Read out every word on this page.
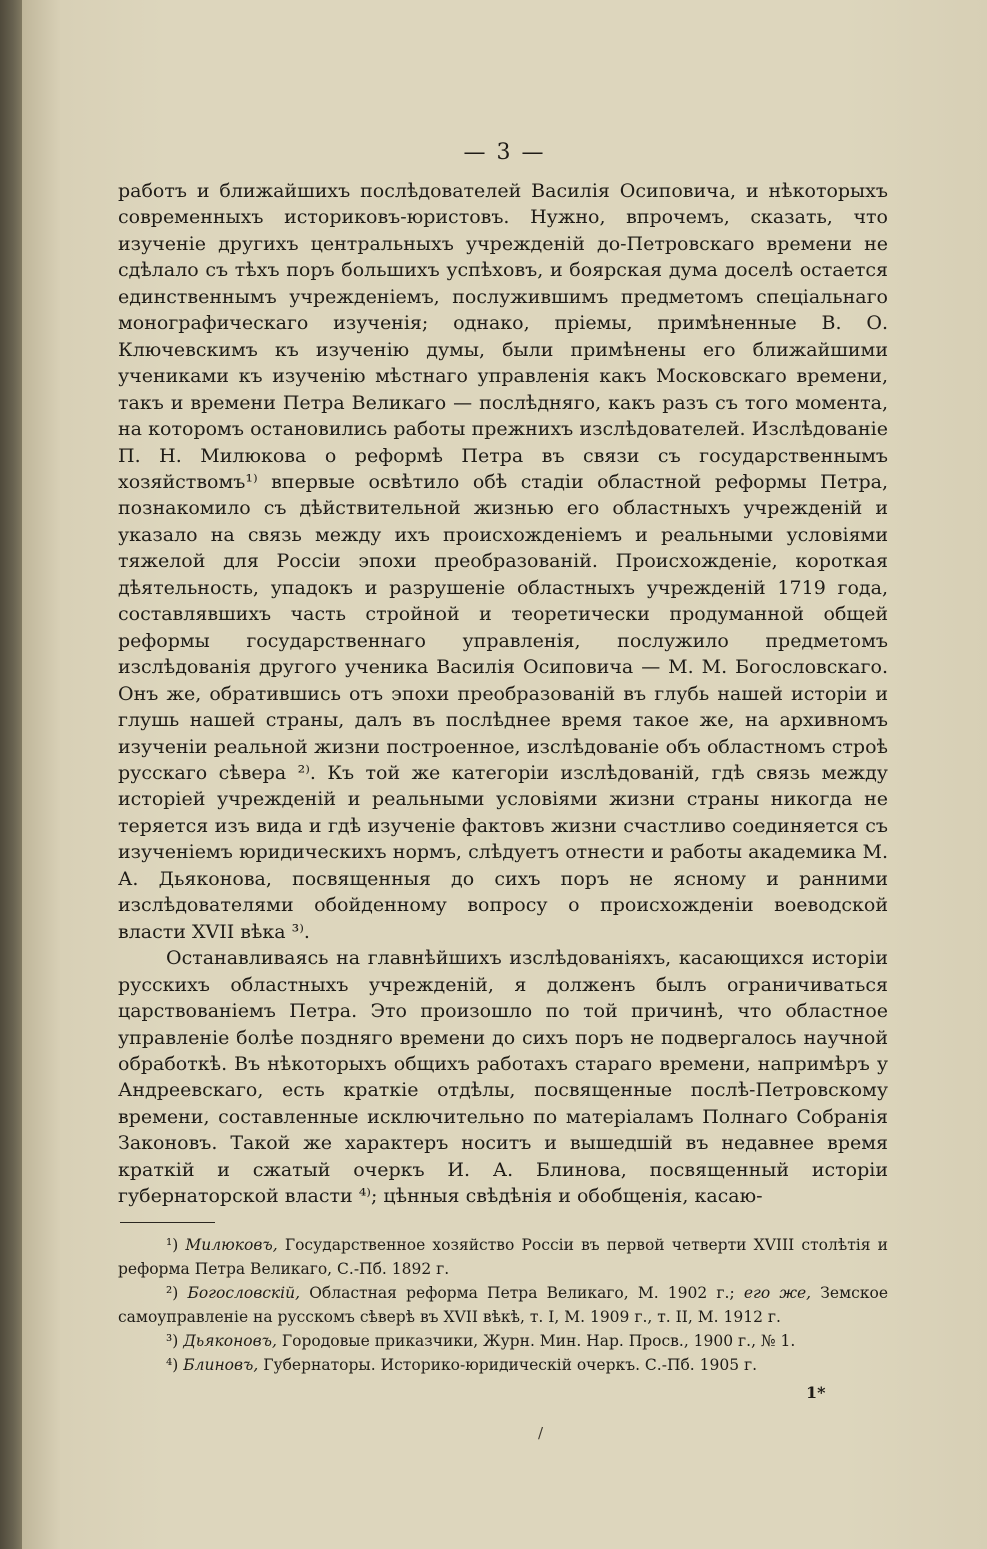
— 3 —

работъ и ближайшихъ послѣдователей Василія Осиповича, и нѣкоторыхъ современныхъ историковъ-юристовъ. Нужно, впрочемъ, сказать, что изученіе другихъ центральныхъ учрежденій до-Петровскаго времени не сдѣлало съ тѣхъ поръ большихъ успѣховъ, и боярская дума доселѣ остается единственнымъ учрежденіемъ, послужившимъ предметомъ спеціальнаго монографическаго изученія; однако, пріемы, примѣненные В. О. Ключевскимъ къ изученію думы, были примѣнены его ближайшими учениками къ изученію мѣстнаго управленія какъ Московскаго времени, такъ и времени Петра Великаго — послѣдняго, какъ разъ съ того момента, на которомъ остановились работы прежнихъ изслѣдователей. Изслѣдованіе П. Н. Милюкова о реформѣ Петра въ связи съ государственнымъ хозяйствомъ¹⁾ впервые освѣтило обѣ стадіи областной реформы Петра, познакомило съ дѣйствительной жизнью его областныхъ учрежденій и указало на связь между ихъ происхожденіемъ и реальными условіями тяжелой для Россіи эпохи преобразованій. Происхожденіе, короткая дѣятельность, упадокъ и разрушеніе областныхъ учрежденій 1719 года, составлявшихъ часть стройной и теоретически продуманной общей реформы государственнаго управленія, послужило предметомъ изслѣдованія другого ученика Василія Осиповича — М. М. Богословскаго. Онъ же, обратившись отъ эпохи преобразованій въ глубь нашей исторіи и глушь нашей страны, далъ въ послѣднее время такое же, на архивномъ изученіи реальной жизни построенное, изслѣдованіе объ областномъ строѣ русскаго сѣвера ²⁾. Къ той же категоріи изслѣдованій, гдѣ связь между исторіей учрежденій и реальными условіями жизни страны никогда не теряется изъ вида и гдѣ изученіе фактовъ жизни счастливо соединяется съ изученіемъ юридическихъ нормъ, слѣдуетъ отнести и работы академика М. А. Дьяконова, посвященныя до сихъ поръ не ясному и ранними изслѣдователями обойденному вопросу о происхожденіи воеводской власти XVII вѣка ³⁾.

Останавливаясь на главнѣйшихъ изслѣдованіяхъ, касающихся исторіи русскихъ областныхъ учрежденій, я долженъ былъ ограничиваться царствованіемъ Петра. Это произошло по той причинѣ, что областное управленіе болѣе поздняго времени до сихъ поръ не подвергалось научной обработкѣ. Въ нѣкоторыхъ общихъ работахъ стараго времени, напримѣръ у Андреевскаго, есть краткіе отдѣлы, посвященные послѣ-Петровскому времени, составленные исключительно по матеріаламъ Полнаго Собранія Законовъ. Такой же характеръ носитъ и вышедшій въ недавнее время краткій и сжатый очеркъ И. А. Блинова, посвященный исторіи губернаторской власти ⁴⁾; цѣнныя свѣдѣнія и обобщенія, касаю-

¹) Милюковъ, Государственное хозяйство Россіи въ первой четверти XVIII столѣтія и реформа Петра Великаго, С.-Пб. 1892 г.

²) Богословскій, Областная реформа Петра Великаго, М. 1902 г.; его же, Земское самоуправленіе на русскомъ сѣверѣ въ XVII вѣкѣ, т. I, М. 1909 г., т. II, М. 1912 г.

³) Дьяконовъ, Городовые приказчики, Журн. Мин. Нар. Просв., 1900 г., № 1.

⁴) Блиновъ, Губернаторы. Историко-юридическій очеркъ. С.-Пб. 1905 г.

1*
/
